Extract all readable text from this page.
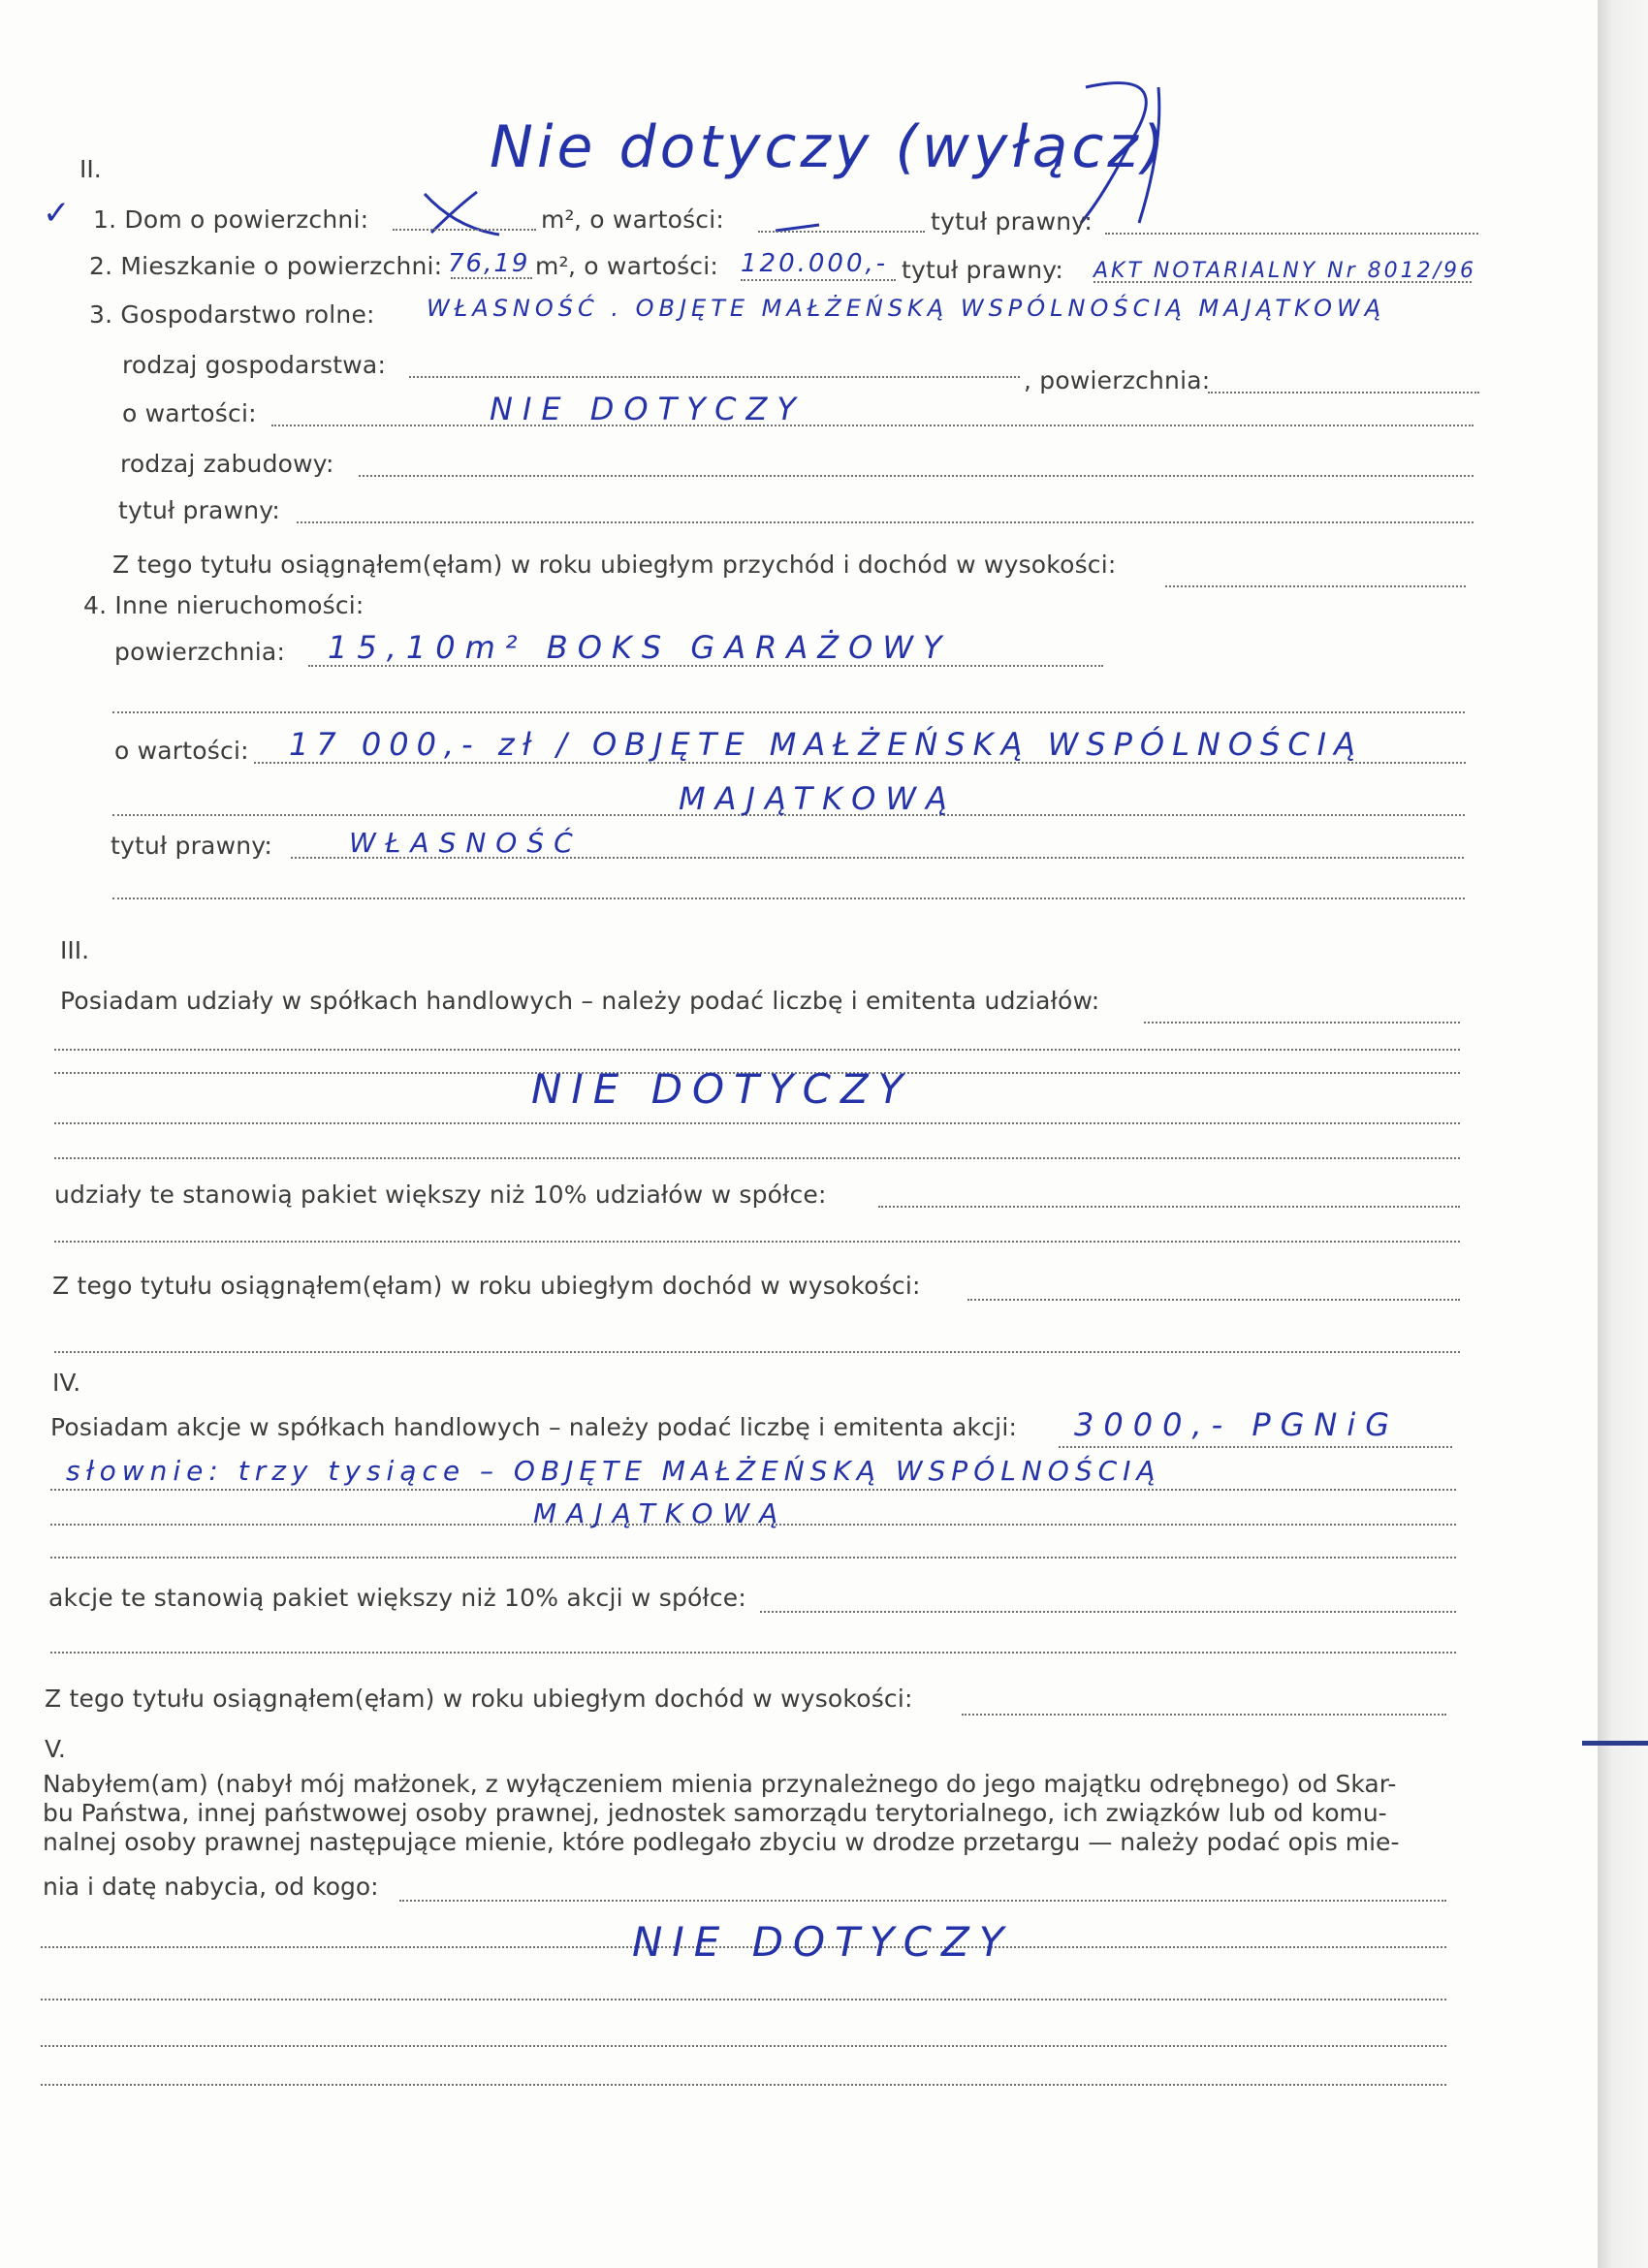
Nie dotyczy (wyłącz)
✓
II.
1. Dom o powierzchni:	m² , o wartości:	tytuł prawny:
2. Mieszkanie o powierzchni: 76,19 m² , o wartości: 120.000,- tytuł prawny: AKT NOTARIALNY Nr 8012/96
3. Gospodarstwo rolne: WŁASNOŚĆ . OBJĘTE MAŁŻEŃSKĄ WSPÓLNOŚCIĄ MAJĄTKOWĄ
rodzaj gospodarstwa:
, powierzchnia:
o wartości:	NIE DOTYCZY
rodzaj zabudowy:
tytuł prawny:
Z tego tytułu osiągnąłem(ęłam) w roku ubiegłym przychód i dochód w wysokości:
4. Inne nieruchomości:
powierzchnia: 15,10m² BOKS GARAŻOWY
o wartości: 17 000,- zł / OBJĘTE MAŁŻEŃSKĄ WSPÓLNOŚCIĄ
MAJĄTKOWĄ
tytuł prawny:	WŁASNOŚĆ
III.
Posiadam udziały w spółkach handlowych – należy podać liczbę i emitenta udziałów:
NIE DOTYCZY
udziały te stanowią pakiet większy niż 10% udziałów w spółce:
Z tego tytułu osiągnąłem(ęłam) w roku ubiegłym dochód w wysokości:
IV.
Posiadam akcje w spółkach handlowych – należy podać liczbę i emitenta akcji: 3000,- PGNiG
słownie: trzy tysiące – OBJĘTE MAŁŻEŃSKĄ WSPÓLNOŚCIĄ
MAJĄTKOWĄ
akcje te stanowią pakiet większy niż 10% akcji w spółce:
Z tego tytułu osiągnąłem(ęłam) w roku ubiegłym dochód w wysokości:
V.
Nabyłem(am) (nabył mój małżonek, z wyłączeniem mienia przynależnego do jego majątku odrębnego) od Skar-
bu Państwa, innej państwowej osoby prawnej, jednostek samorządu terytorialnego, ich związków lub od komu-
nalnej osoby prawnej następujące mienie, które podlegało zbyciu w drodze przetargu — należy podać opis mie-
nia i datę nabycia, od kogo:
NIE DOTYCZY
